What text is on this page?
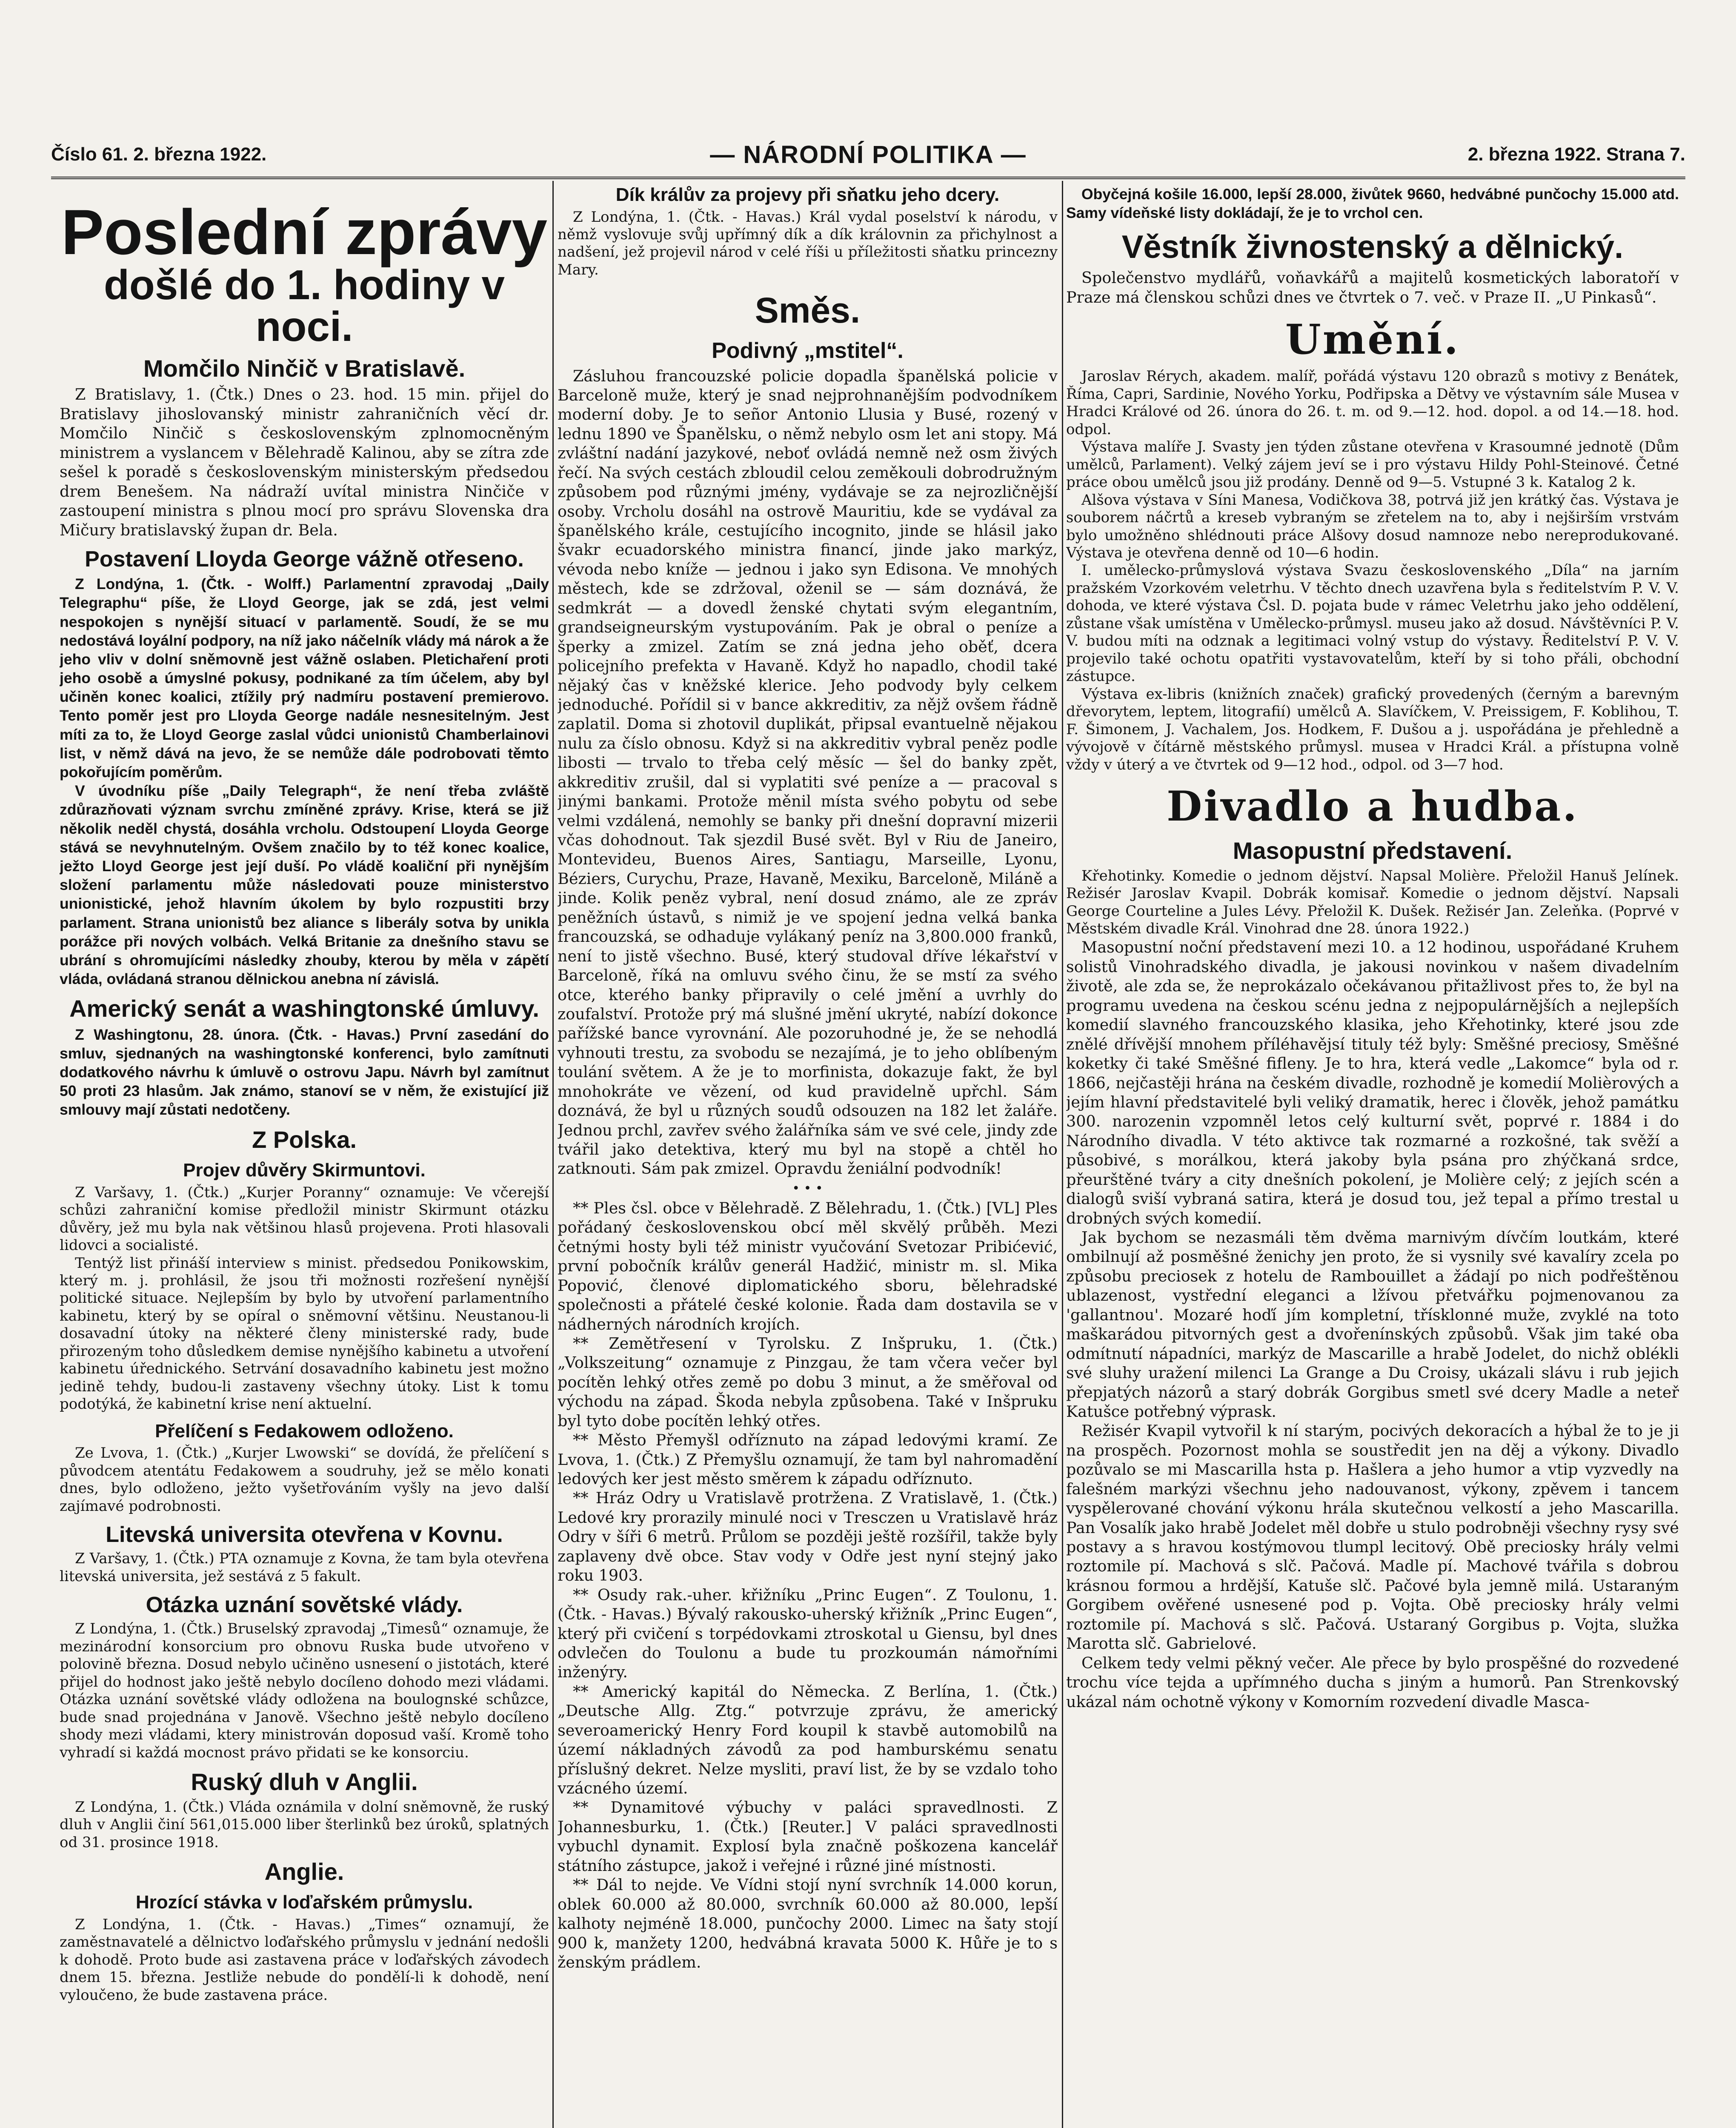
Číslo 61. 2. března 1922.	— NÁRODNÍ POLITIKA —	2. března 1922. Strana 7.
Poslední zprávy
došlé do 1. hodiny v noci.
Momčilo Ninčič v Bratislavě.

Z Bratislavy, 1. (Čtk.) Dnes o 23. hod. 15 min. přijel do Bratislavy jihoslovanský ministr zahraničních věcí dr. Momčilo Ninčič s československým zplnomocněným ministrem a vyslancem v Bělehradě Kalinou, aby se zítra zde sešel k poradě s československým ministerským předsedou drem Benešem. Na nádraží uvítal ministra Ninčiče v zastoupení ministra s plnou mocí pro správu Slovenska dra Mičury bratislavský župan dr. Bela.

Postavení Lloyda George vážně otřeseno.

Z Londýna, 1. (Čtk. - Wolff.) Parlamentní zpravodaj „Daily Telegraphu“ píše, že Lloyd George, jak se zdá, jest velmi nespokojen s nynější situací v parlamentě. Soudí, že se mu nedostává loyální podpory, na níž jako náčelník vlády má nárok a že jeho vliv v dolní sněmovně jest vážně oslaben. Pletichaření proti jeho osobě a úmyslné pokusy, podnikané za tím účelem, aby byl učiněn konec koalici, ztížily prý nadmíru postavení premierovo. Tento poměr jest pro Lloyda George nadále nesnesitelným. Jest míti za to, že Lloyd George zaslal vůdci unionistů Chamberlainovi list, v němž dává na jevo, že se nemůže dále podrobovati těmto pokořujícím poměrům.

V úvodníku píše „Daily Telegraph“, že není třeba zvláště zdůrazňovati význam svrchu zmíněné zprávy. Krise, která se již několik neděl chystá, dosáhla vrcholu. Odstoupení Lloyda George stává se nevyhnutelným. Ovšem značilo by to též konec koalice, ježto Lloyd George jest její duší. Po vládě koaliční při nynějším složení parlamentu může následovati pouze ministerstvo unionistické, jehož hlavním úkolem by bylo rozpustiti brzy parlament. Strana unionistů bez aliance s liberály sotva by unikla porážce při nových volbách. Velká Britanie za dnešního stavu se ubrání s ohromujícími následky zhouby, kterou by měla v zápětí vláda, ovládaná stranou dělnickou anebna ní závislá.

Americký senát a washingtonské úmluvy.

Z Washingtonu, 28. února. (Čtk. - Havas.) První zasedání do smluv, sjednaných na washingtonské konferenci, bylo zamítnuti dodatkového návrhu k úmluvě o ostrovu Japu. Návrh byl zamítnut 50 proti 23 hlasům. Jak známo, stanoví se v něm, že existující již smlouvy mají zůstati nedotčeny.

Z Polska.
Projev důvěry Skirmuntovi.

Z Varšavy, 1. (Čtk.) „Kurjer Poranny“ oznamuje: Ve včerejší schůzi zahraniční komise předložil ministr Skirmunt otázku důvěry, jež mu byla nak většinou hlasů projevena. Proti hlasovali lidovci a socialisté.

Tentýž list přináší interview s minist. předsedou Ponikowskim, který m. j. prohlásil, že jsou tři možnosti rozřešení nynější politické situace. Nejlepším by bylo by utvoření parlamentního kabinetu, který by se opíral o sněmovní většinu. Neustanou-li dosavadní útoky na některé členy ministerské rady, bude přirozeným toho důsledkem demise nynějšího kabinetu a utvoření kabinetu úřednického. Setrvání dosavadního kabinetu jest možno jedině tehdy, budou-li zastaveny všechny útoky. List k tomu podotýká, že kabinetní krise není aktuelní.

Přelíčení s Fedakowem odloženo.

Ze Lvova, 1. (Čtk.) „Kurjer Lwowski“ se dovídá, že přelíčení s původcem atentátu Fedakowem a soudruhy, jež se mělo konati dnes, bylo odloženo, ježto vyšetřováním vyšly na jevo další zajímavé podrobnosti.

Litevská universita otevřena v Kovnu.

Z Varšavy, 1. (Čtk.) PTA oznamuje z Kovna, že tam byla otevřena litevská universita, jež sestává z 5 fakult.

Otázka uznání sovětské vlády.

Z Londýna, 1. (Čtk.) Bruselský zpravodaj „Timesů“ oznamuje, že mezinárodní konsorcium pro obnovu Ruska bude utvořeno v polovině března. Dosud nebylo učiněno usnesení o jistotách, které přijel do hodnost jako ještě nebylo docíleno dohodo mezi vládami. Otázka uznání sovětské vlády odložena na boulognské schůzce, bude snad projednána v Janově. Všechno ještě nebylo docíleno shody mezi vládami, ktery ministrován doposud vaší. Kromě toho vyhradí si každá mocnost právo přidati se ke konsorciu.

Ruský dluh v Anglii.

Z Londýna, 1. (Čtk.) Vláda oznámila v dolní sněmovně, že ruský dluh v Anglii činí 561,015.000 liber šterlinků bez úroků, splatných od 31. prosince 1918.

Anglie.
Hrozící stávka v loďařském průmyslu.

Z Londýna, 1. (Čtk. - Havas.) „Times“ oznamují, že zaměstnavatelé a dělnictvo loďařského průmyslu v jednání nedošli k dohodě. Proto bude asi zastavena práce v loďařských závodech dnem 15. března. Jestliže nebude do pondělí-li k dohodě, není vyloučeno, že bude zastavena práce.

Dík králův za projevy při sňatku jeho dcery.

Z Londýna, 1. (Čtk. - Havas.) Král vydal poselství k národu, v němž vyslovuje svůj upřímný dík a dík královnin za přichylnost a nadšení, jež projevil národ v celé říši u příležitosti sňatku princezny Mary.

Směs.
Podivný „mstitel“.

Zásluhou francouzské policie dopadla španělská policie v Barceloně muže, který je snad nejprohnanějším podvodníkem moderní doby. Je to señor Antonio Llusia y Busé, rozený v lednu 1890 ve Španělsku, o němž nebylo osm let ani stopy. Má zvláštní nadání jazykové, neboť ovládá nemně než osm živých řečí. Na svých cestách zbloudil celou zeměkouli dobrodružným způsobem pod různými jmény, vydávaje se za nejrozličnější osoby. Vrcholu dosáhl na ostrově Mauritiu, kde se vydával za španělského krále, cestujícího incognito, jinde se hlásil jako švakr ecuadorského ministra financí, jinde jako markýz, vévoda nebo kníže — jednou i jako syn Edisona. Ve mnohých městech, kde se zdržoval, oženil se — sám doznává, že sedmkrát — a dovedl ženské chytati svým elegantním, grandseigneurským vystupováním. Pak je obral o peníze a šperky a zmizel. Zatím se zná jedna jeho oběť, dcera policejního prefekta v Havaně. Když ho napadlo, chodil také nějaký čas v kněžské klerice. Jeho podvody byly celkem jednoduché. Pořídil si v bance akkreditiv, za nějž ovšem řádně zaplatil. Doma si zhotovil duplikát, připsal evantuelně nějakou nulu za číslo obnosu. Když si na akkreditiv vybral peněz podle libosti — trvalo to třeba celý měsíc — šel do banky zpět, akkreditiv zrušil, dal si vyplatiti své peníze a — pracoval s jinými bankami. Protože měnil místa svého pobytu od sebe velmi vzdálená, nemohly se banky při dnešní dopravní mizerii včas dohodnout. Tak sjezdil Busé svět. Byl v Riu de Janeiro, Montevideu, Buenos Aires, Santiagu, Marseille, Lyonu, Béziers, Curychu, Praze, Havaně, Mexiku, Barceloně, Miláně a jinde. Kolik peněz vybral, není dosud známo, ale ze zpráv peněžních ústavů, s nimiž je ve spojení jedna velká banka francouzská, se odhaduje vylákaný peníz na 3,800.000 franků, není to jistě všechno. Busé, který studoval dříve lékařství v Barceloně, říká na omluvu svého činu, že se mstí za svého otce, kterého banky připravily o celé jmění a uvrhly do zoufalství. Protože prý má slušné jmění ukryté, nabízí dokonce pařížské bance vyrovnání. Ale pozoruhodné je, že se nehodlá vyhnouti trestu, za svobodu se nezajímá, je to jeho oblíbeným toulání světem. A že je to morfinista, dokazuje fakt, že byl mnohokráte ve vězení, od kud pravidelně upřchl. Sám doznává, že byl u různých soudů odsouzen na 182 let žaláře. Jednou prchl, zavřev svého žalářníka sám ve své cele, jindy zde tvářil jako detektiva, který mu byl na stopě a chtěl ho zatknouti. Sám pak zmizel. Opravdu ženiální podvodník!

• • •

** Ples čsl. obce v Bělehradě. Z Bělehradu, 1. (Čtk.) [VL] Ples pořádaný československou obcí měl skvělý průběh. Mezi četnými hosty byli též ministr vyučování Svetozar Pribićević, první pobočník králův generál Hadžić, ministr m. sl. Mika Popović, členové diplomatického sboru, bělehradské společnosti a přátelé české kolonie. Řada dam dostavila se v nádherných národních krojích.

** Zemětřesení v Tyrolsku. Z Inšpruku, 1. (Čtk.) „Volkszeitung“ oznamuje z Pinzgau, že tam včera večer byl pocítěn lehký otřes země po dobu 3 minut, a že směřoval od východu na západ. Škoda nebyla způsobena. Také v Inšpruku byl tyto dobe pocítěn lehký otřes.

** Město Přemyšl odříznuto na západ ledovými kramí. Ze Lvova, 1. (Čtk.) Z Přemyšlu oznamují, že tam byl nahromadění ledových ker jest město směrem k západu odříznuto.

** Hráz Odry u Vratislavě protržena. Z Vratislavě, 1. (Čtk.) Ledové kry prorazily minulé noci v Tresczen u Vratislavě hráz Odry v šíři 6 metrů. Průlom se později ještě rozšířil, takže byly zaplaveny dvě obce. Stav vody v Odře jest nyní stejný jako roku 1903.

** Osudy rak.-uher. křižníku „Princ Eugen“. Z Toulonu, 1. (Čtk. - Havas.) Bývalý rakousko-uherský křižník „Princ Eugen“, který při cvičení s torpédovkami ztroskotal u Giensu, byl dnes odvlečen do Toulonu a bude tu prozkoumán námořními inženýry.

** Americký kapitál do Německa. Z Berlína, 1. (Čtk.) „Deutsche Allg. Ztg.“ potvrzuje zprávu, že americký severoamerický Henry Ford koupil k stavbě automobilů na území nákladných závodů za pod hamburskému senatu příslušný dekret. Nelze mysliti, praví list, že by se vzdalo toho vzácného území.

** Dynamitové výbuchy v paláci spravedlnosti. Z Johannesburku, 1. (Čtk.) [Reuter.] V paláci spravedlnosti vybuchl dynamit. Explosí byla značně poškozena kancelář státního zástupce, jakož i veřejné i různé jiné místnosti.

** Dál to nejde. Ve Vídni stojí nyní svrchník 14.000 korun, oblek 60.000 až 80.000, svrchník 60.000 až 80.000, lepší kalhoty nejméně 18.000, punčochy 2000. Limec na šaty stojí 900 k, manžety 1200, hedvábná kravata 5000 K. Hůře je to s ženským prádlem.

Obyčejná košile 16.000, lepší 28.000, živůtek 9660, hedvábné punčochy 15.000 atd. Samy vídeňské listy dokládají, že je to vrchol cen.

Věstník živnostenský a dělnický.

Společenstvo mydlářů, voňavkářů a majitelů kosmetických laboratoří v Praze má členskou schůzi dnes ve čtvrtek o 7. več. v Praze II. „U Pinkasů“.

Umění.

Jaroslav Rérych, akadem. malíř, pořádá výstavu 120 obrazů s motivy z Benátek, Říma, Capri, Sardinie, Nového Yorku, Podřipska a Dětvy ve výstavním sále Musea v Hradci Králové od 26. února do 26. t. m. od 9.—12. hod. dopol. a od 14.—18. hod. odpol.

Výstava malíře J. Svasty jen týden zůstane otevřena v Krasoumné jednotě (Dům umělců, Parlament). Velký zájem jeví se i pro výstavu Hildy Pohl-Steinové. Četné práce obou umělců jsou již prodány. Denně od 9—5. Vstupné 3 k. Katalog 2 k.

Alšova výstava v Síni Manesa, Vodičkova 38, potrvá již jen krátký čas. Výstava je souborem náčrtů a kreseb vybraným se zřetelem na to, aby i nejširším vrstvám bylo umožněno shlédnouti práce Alšovy dosud namnoze nebo nereprodukované. Výstava je otevřena denně od 10—6 hodin.

I. umělecko-průmyslová výstava Svazu československého „Díla“ na jarním pražském Vzorkovém veletrhu. V těchto dnech uzavřena byla s ředitelstvím P. V. V. dohoda, ve které výstava Čsl. D. pojata bude v rámec Veletrhu jako jeho oddělení, zůstane však umístěna v Umělecko-průmysl. museu jako až dosud. Návštěvníci P. V. V. budou míti na odznak a legitimaci volný vstup do výstavy. Ředitelství P. V. V. projevilo také ochotu opatřiti vystavovatelům, kteří by si toho přáli, obchodní zástupce.

Výstava ex-libris (knižních značek) grafický provedených (černým a barevným dřevorytem, leptem, litografií) umělců A. Slavíčkem, V. Preissigem, F. Koblihou, T. F. Šimonem, J. Vachalem, Jos. Hodkem, F. Dušou a j. uspořádána je přehledně a vývojově v čítárně městského průmysl. musea v Hradci Král. a přístupna volně vždy v úterý a ve čtvrtek od 9—12 hod., odpol. od 3—7 hod.

Divadlo a hudba.
Masopustní představení.

Křehotinky. Komedie o jednom dějství. Napsal Molière. Přeložil Hanuš Jelínek. Režisér Jaroslav Kvapil. Dobrák komisař. Komedie o jednom dějství. Napsali George Courteline a Jules Lévy. Přeložil K. Dušek. Režisér Jan. Zeleňka. (Poprvé v Městském divadle Král. Vinohrad dne 28. února 1922.)

Masopustní noční představení mezi 10. a 12 hodinou, uspořádané Kruhem solistů Vinohradského divadla, je jakousi novinkou v našem divadelním životě, ale zda se, že neprokázalo očekávanou přitažlivost přes to, že byl na programu uvedena na českou scénu jedna z nejpopulárnějších a nejlepších komedií slavného francouzského klasika, jeho Křehotinky, které jsou zde znělé dřívější mnohem příléhavějsí tituly též byly: Směšné preciosy, Směšné koketky či také Směšné fifleny. Je to hra, která vedle „Lakomce“ byla od r. 1866, nejčastěji hrána na českém divadle, rozhodně je komedií Molièrových a jejím hlavní představitelé byli veliký dramatik, herec i člověk, jehož památku 300. narozenin vzpomněl letos celý kulturní svět, poprvé r. 1884 i do Národního divadla. V této aktivce tak rozmarné a rozkošné, tak svěží a působivé, s morálkou, která jakoby byla psána pro zhýčkaná srdce, přeurštěné tváry a city dnešních pokolení, je Molière celý; z jejích scén a dialogů sviší vybraná satira, která je dosud tou, jež tepal a přímo trestal u drobných svých komedií.

Jak bychom se nezasmáli těm dvěma marnivým dívčím loutkám, které ombilnují až posměšné ženichy jen proto, že si vysnily své kavalíry zcela po způsobu preciosek z hotelu de Rambouillet a žádají po nich podřeštěnou ublazenost, vystřední eleganci a lžívou přetvářku pojmenovanou za 'gallantnou'. Mozaré hoďí jím kompletní, třísklonné muže, zvyklé na toto maškarádou pitvorných gest a dvořenínských způsobů. Však jim také oba odmítnutí nápadníci, markýz de Mascarille a hrabě Jodelet, do nichž oblékli své sluhy uražení milenci La Grange a Du Croisy, ukázali slávu i rub jejich přepjatých názorů a starý dobrák Gorgibus smetl své dcery Madle a neteř Katušce potřebný výprask.

Režisér Kvapil vytvořil k ní starým, pocivých dekoracích a hýbal že to je ji na prospěch. Pozornost mohla se soustředit jen na děj a výkony. Divadlo pozůvalo se mi Mascarilla hsta p. Hašlera a jeho humor a vtip vyzvedly na falešném markýzi všechnu jeho nadouvanost, výkony, zpěvem i tancem vyspělerované chování výkonu hrála skutečnou velkostí a jeho Mascarilla. Pan Vosalík jako hrabě Jodelet měl dobře u stulo podrobněji všechny rysy své postavy a s hravou kostýmovou tlumpl lecitový. Obě preciosky hrály velmi roztomile pí. Machová s slč. Pačová. Madle pí. Machové tvářila s dobrou krásnou formou a hrdější, Katuše slč. Pačové byla jemně milá. Ustaraným Gorgibem ověřené usnesené pod p. Vojta. Obě preciosky hrály velmi roztomile pí. Machová s slč. Pačová. Ustaraný Gorgibus p. Vojta, služka Marotta slč. Gabrielové.

Celkem tedy velmi pěkný večer. Ale přece by bylo prospěšné do rozvedené trochu více tejda a upřímného ducha s jiným a humorů. Pan Strenkovský ukázal nám ochotně výkony v Komorním rozvedení divadle Masca-
